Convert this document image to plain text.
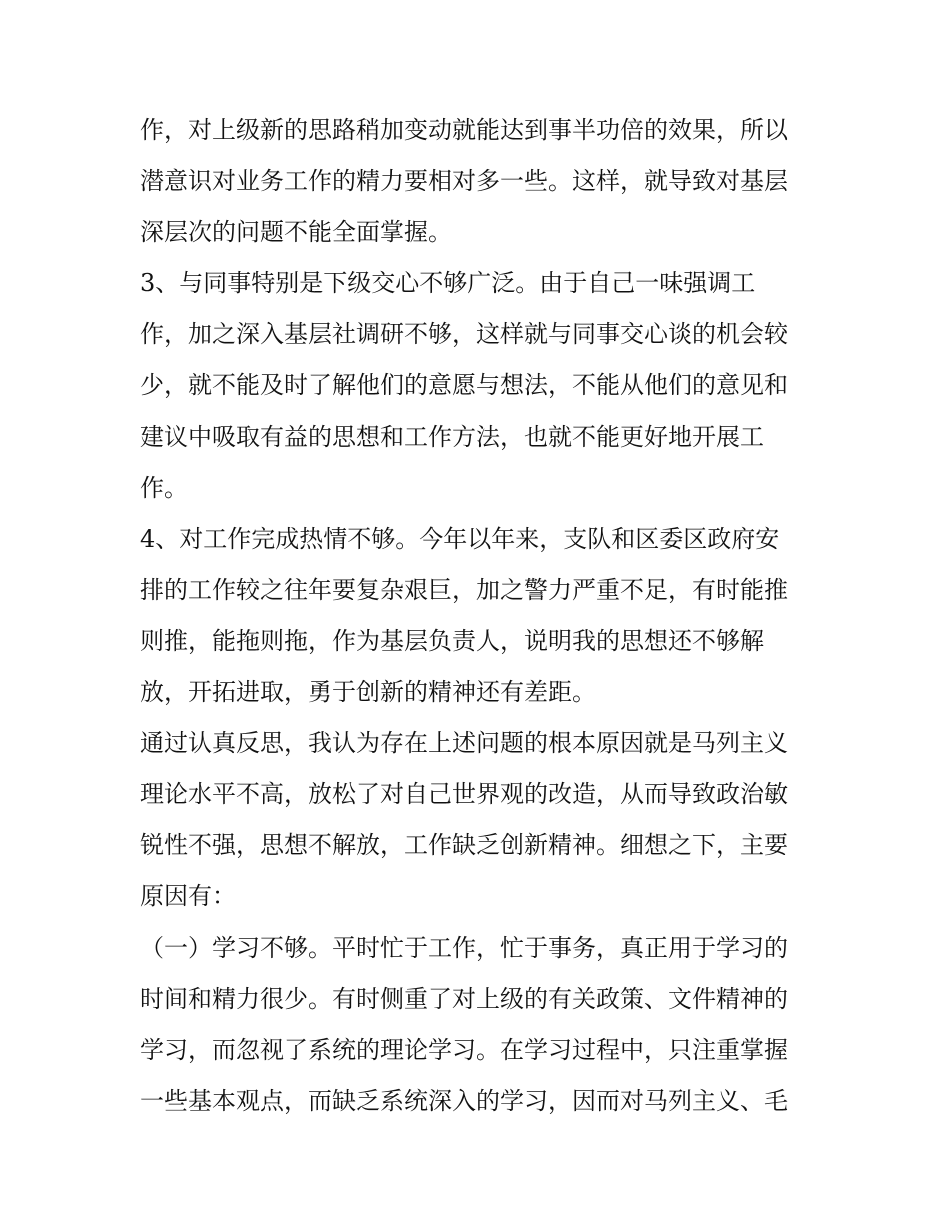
作，对上级新的思路稍加变动就能达到事半功倍的效果，所以

潜意识对业务工作的精力要相对多一些。这样，就导致对基层

深层次的问题不能全面掌握。

3、与同事特别是下级交心不够广泛。由于自己一味强调工

作，加之深入基层社调研不够，这样就与同事交心谈的机会较

少，就不能及时了解他们的意愿与想法，不能从他们的意见和

建议中吸取有益的思想和工作方法，也就不能更好地开展工

作。

4、对工作完成热情不够。今年以年来，支队和区委区政府安

排的工作较之往年要复杂艰巨，加之警力严重不足，有时能推

则推，能拖则拖，作为基层负责人，说明我的思想还不够解

放，开拓进取，勇于创新的精神还有差距。

通过认真反思，我认为存在上述问题的根本原因就是马列主义

理论水平不高，放松了对自己世界观的改造，从而导致政治敏

锐性不强，思想不解放，工作缺乏创新精神。细想之下，主要

原因有：

（一）学习不够。平时忙于工作，忙于事务，真正用于学习的

时间和精力很少。有时侧重了对上级的有关政策、文件精神的

学习，而忽视了系统的理论学习。在学习过程中，只注重掌握

一些基本观点，而缺乏系统深入的学习，因而对马列主义、毛
